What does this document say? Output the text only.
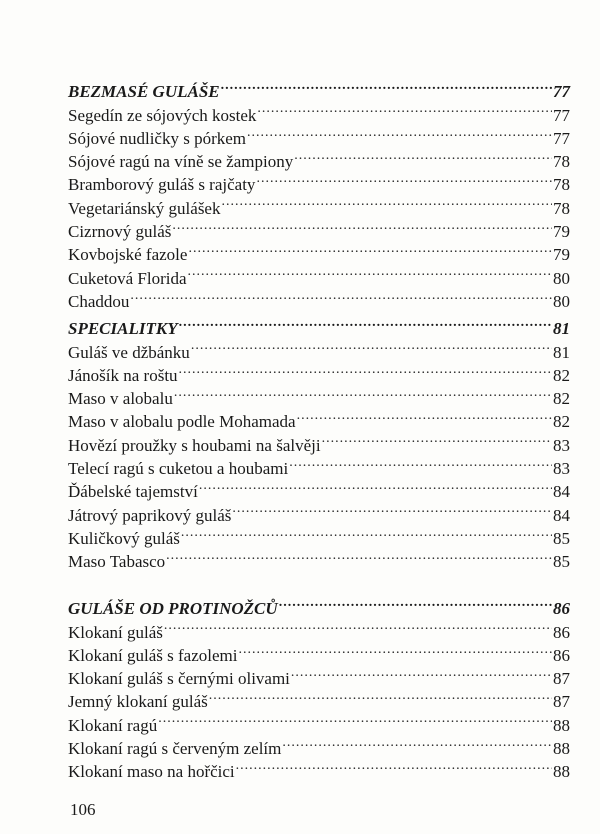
BEZMASÉ GULÁŠE .....	77
Segedín ze sójových kostek .....	77
Sójové nudličky s pórkem .....	77
Sójové ragú na víně se žampiony .....	78
Bramborový guláš s rajčaty .....	78
Vegetariánský gulášek .....	78
Cizrnový guláš .....	79
Kovbojské fazole .....	79
Cuketová Florida .....	80
Chaddou .....	80
SPECIALITKY .....	81
Guláš ve džbánku .....	81
Jánošík na roštu .....	82
Maso v alobalu .....	82
Maso v alobalu podle Mohamada .....	82
Hovězí proužky s houbami na šalvěji .....	83
Telecí ragú s cuketou a houbami .....	83
Ďábelské tajemství .....	84
Játrový paprikový guláš .....	84
Kuličkový guláš .....	85
Maso Tabasco .....	85
GULÁŠE OD PROTINOŽCŮ .....	86
Klokaní guláš .....	86
Klokaní guláš s fazolemi .....	86
Klokaní guláš s černými olivami .....	87
Jemný klokaní guláš .....	87
Klokaní ragú .....	88
Klokaní ragú s červeným zelím .....	88
Klokaní maso na hořčici .....	88
106
